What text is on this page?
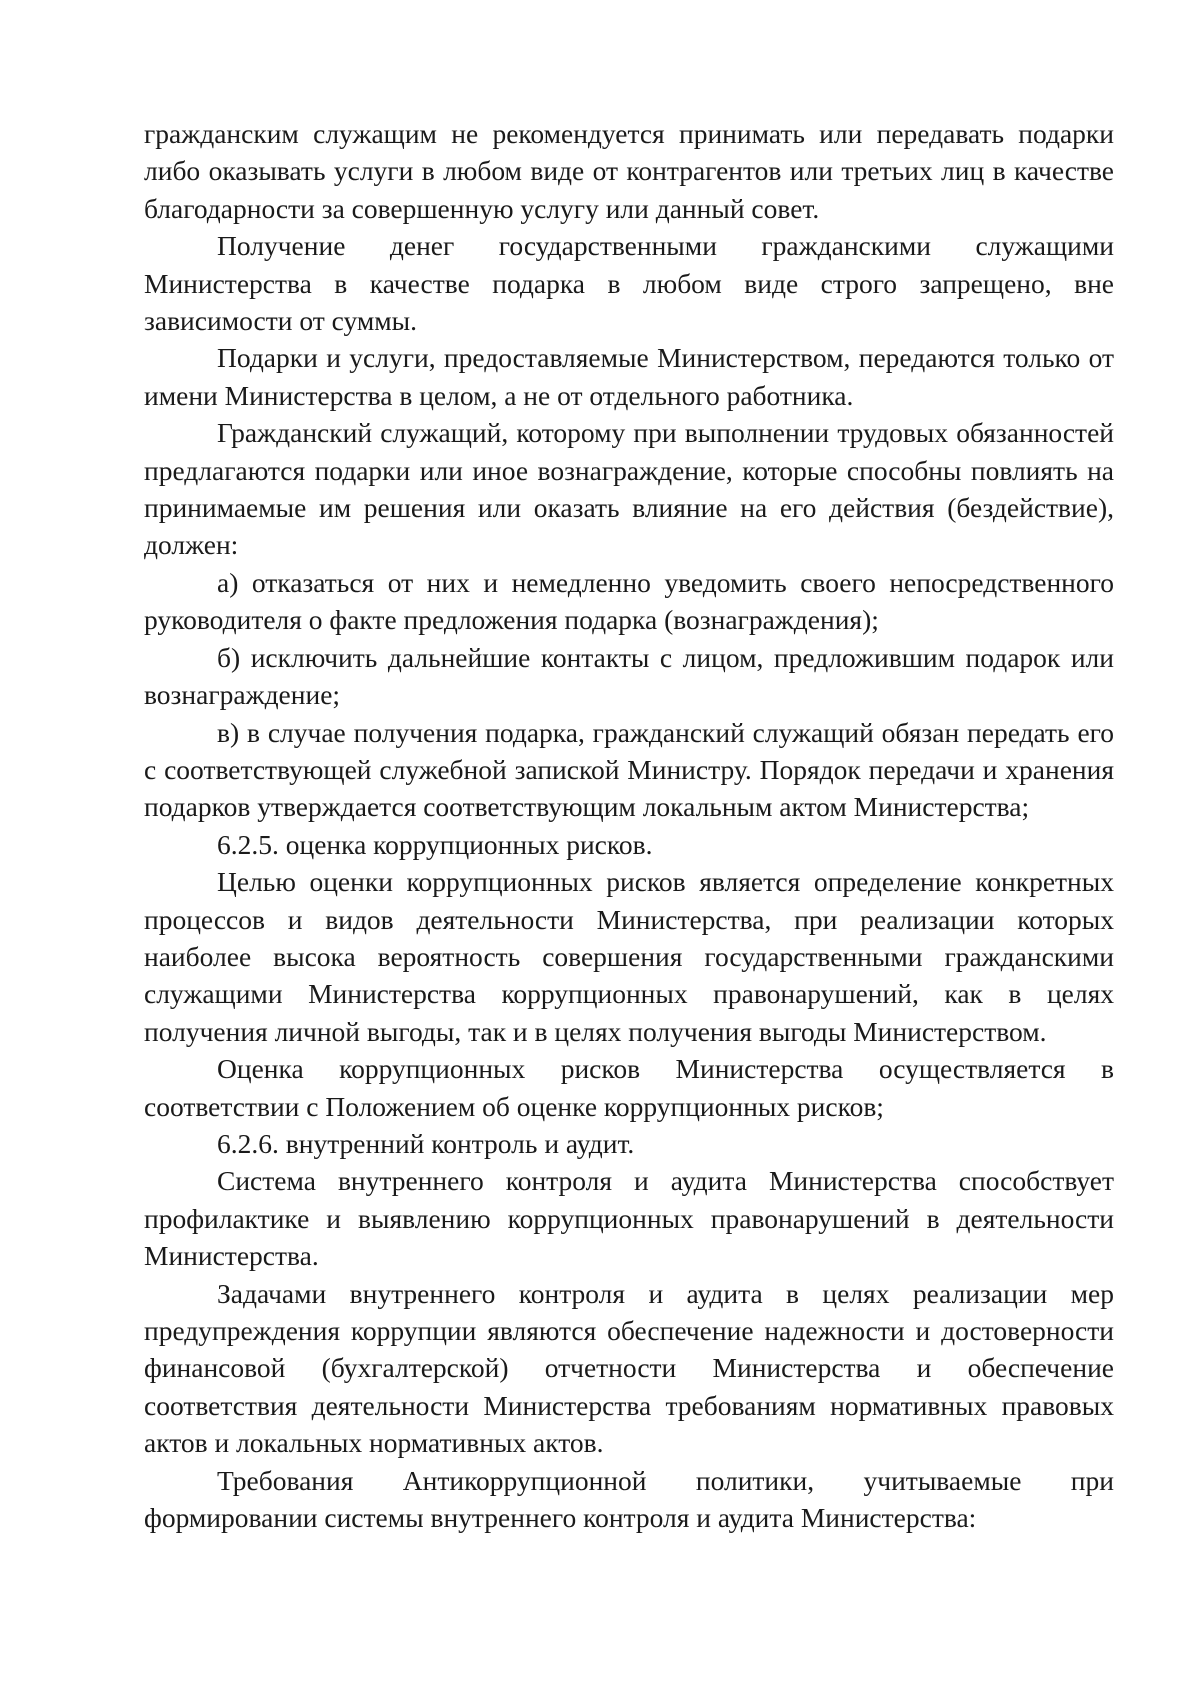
гражданским служащим не рекомендуется принимать или передавать подарки либо оказывать услуги в любом виде от контрагентов или третьих лиц в качестве благодарности за совершенную услугу или данный совет.

Получение денег государственными гражданскими служащими Министерства в качестве подарка в любом виде строго запрещено, вне зависимости от суммы.

Подарки и услуги, предоставляемые Министерством, передаются только от имени Министерства в целом, а не от отдельного работника.

Гражданский служащий, которому при выполнении трудовых обязанностей предлагаются подарки или иное вознаграждение, которые способны повлиять на принимаемые им решения или оказать влияние на его действия (бездействие), должен:

а) отказаться от них и немедленно уведомить своего непосредственного руководителя о факте предложения подарка (вознаграждения);

б) исключить дальнейшие контакты с лицом, предложившим подарок или вознаграждение;

в) в случае получения подарка, гражданский служащий обязан передать его с соответствующей служебной запиской Министру. Порядок передачи и хранения подарков утверждается соответствующим локальным актом Министерства;

6.2.5. оценка коррупционных рисков.

Целью оценки коррупционных рисков является определение конкретных процессов и видов деятельности Министерства, при реализации которых наиболее высока вероятность совершения государственными гражданскими служащими Министерства коррупционных правонарушений, как в целях получения личной выгоды, так и в целях получения выгоды Министерством.

Оценка коррупционных рисков Министерства осуществляется в соответствии с Положением об оценке коррупционных рисков;

6.2.6. внутренний контроль и аудит.

Система внутреннего контроля и аудита Министерства способствует профилактике и выявлению коррупционных правонарушений в деятельности Министерства.

Задачами внутреннего контроля и аудита в целях реализации мер предупреждения коррупции являются обеспечение надежности и достоверности финансовой (бухгалтерской) отчетности Министерства и обеспечение соответствия деятельности Министерства требованиям нормативных правовых актов и локальных нормативных актов.

Требования Антикоррупционной политики, учитываемые при формировании системы внутреннего контроля и аудита Министерства:
